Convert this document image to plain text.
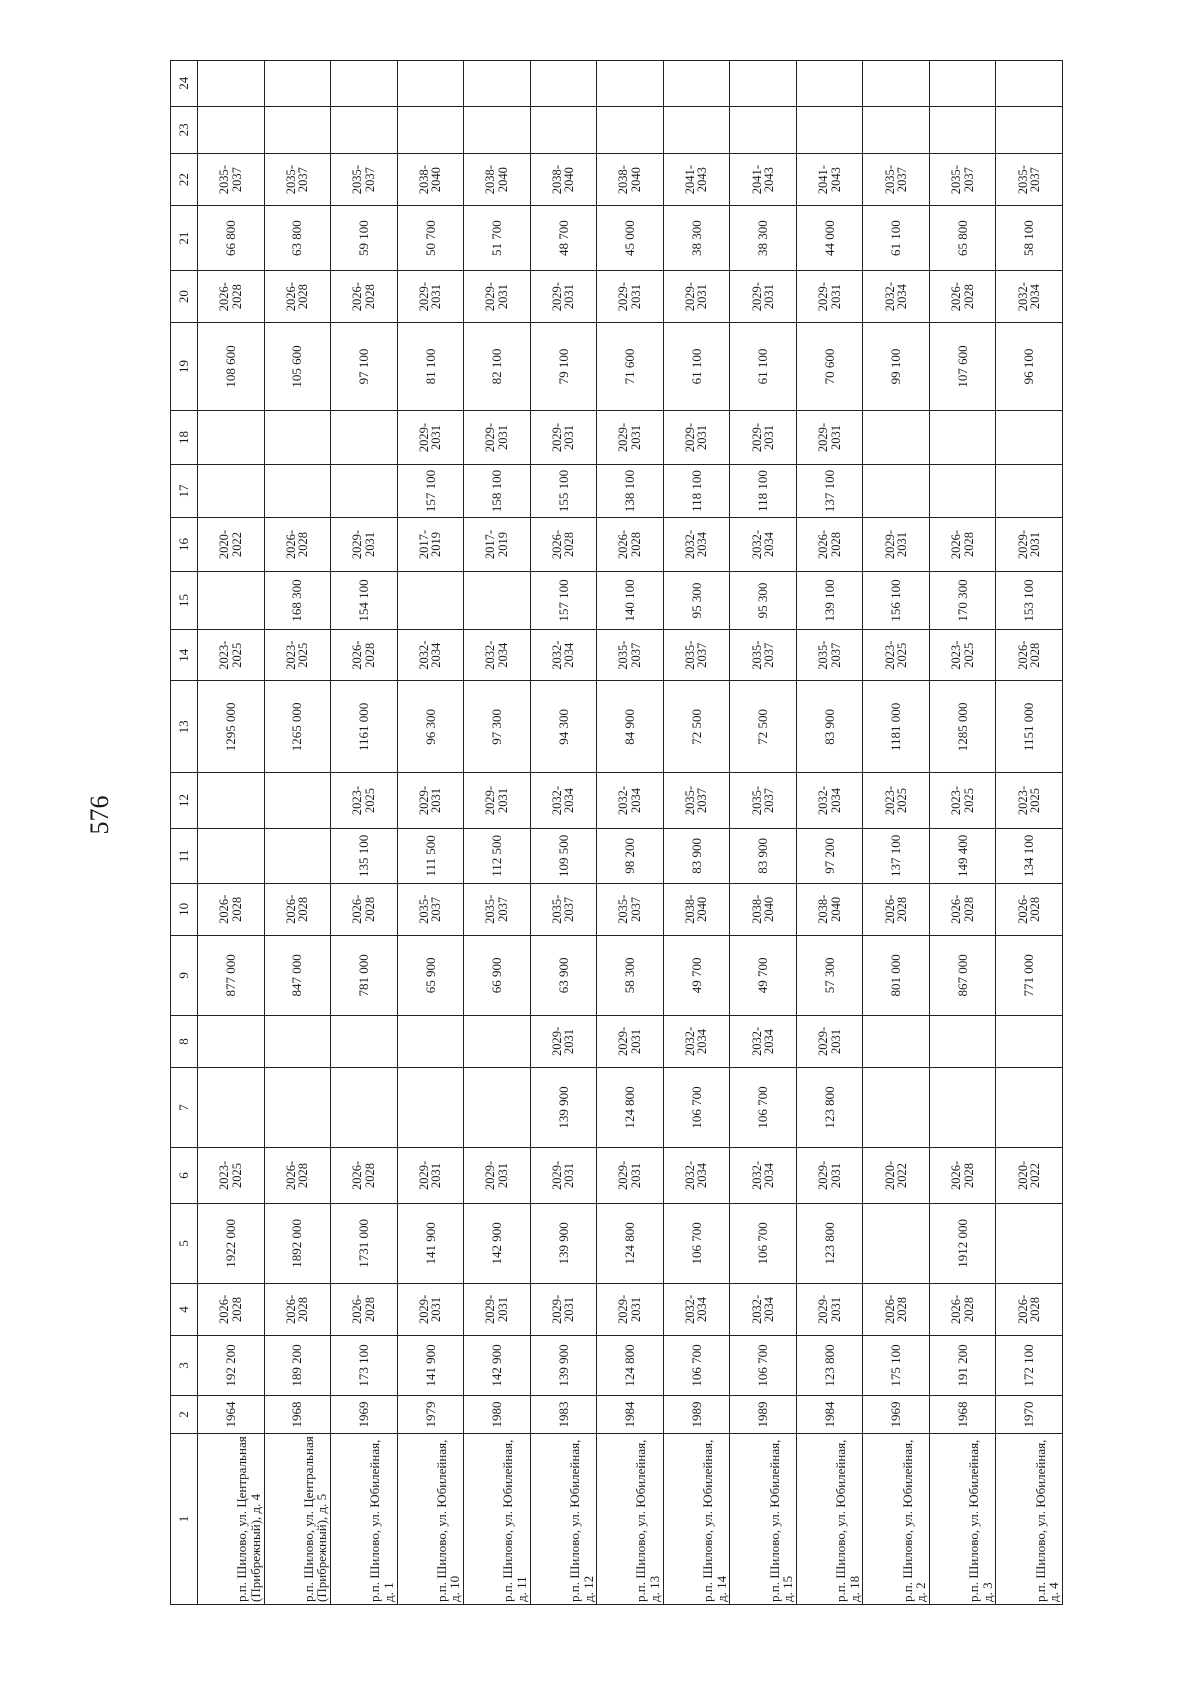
576
1	2	3	4	5	6	7	8	9	10	11	12	13	14	15	16	17	18	19	20	21	22	23	24
р.п. Шилово, ул. Центральная (Прибрежный), д. 4	1964	192 200	2026-
2028	1922 000	2023-
2025			877 000	2026-
2028			1295 000	2023-
2025		2020-
2022			108 600	2026-
2028	66 800	2035-
2037		
р.п. Шилово, ул. Центральная (Прибрежный), д. 5	1968	189 200	2026-
2028	1892 000	2026-
2028			847 000	2026-
2028			1265 000	2023-
2025	168 300	2026-
2028			105 600	2026-
2028	63 800	2035-
2037		
р.п. Шилово, ул. Юбилейная, д. 1	1969	173 100	2026-
2028	1731 000	2026-
2028			781 000	2026-
2028	135 100	2023-
2025	1161 000	2026-
2028	154 100	2029-
2031			97 100	2026-
2028	59 100	2035-
2037		
р.п. Шилово, ул. Юбилейная, д. 10	1979	141 900	2029-
2031	141 900	2029-
2031			65 900	2035-
2037	111 500	2029-
2031	96 300	2032-
2034		2017-
2019	157 100	2029-
2031	81 100	2029-
2031	50 700	2038-
2040		
р.п. Шилово, ул. Юбилейная, д. 11	1980	142 900	2029-
2031	142 900	2029-
2031			66 900	2035-
2037	112 500	2029-
2031	97 300	2032-
2034		2017-
2019	158 100	2029-
2031	82 100	2029-
2031	51 700	2038-
2040		
р.п. Шилово, ул. Юбилейная, д. 12	1983	139 900	2029-
2031	139 900	2029-
2031	139 900	2029-
2031	63 900	2035-
2037	109 500	2032-
2034	94 300	2032-
2034	157 100	2026-
2028	155 100	2029-
2031	79 100	2029-
2031	48 700	2038-
2040		
р.п. Шилово, ул. Юбилейная, д. 13	1984	124 800	2029-
2031	124 800	2029-
2031	124 800	2029-
2031	58 300	2035-
2037	98 200	2032-
2034	84 900	2035-
2037	140 100	2026-
2028	138 100	2029-
2031	71 600	2029-
2031	45 000	2038-
2040		
р.п. Шилово, ул. Юбилейная, д. 14	1989	106 700	2032-
2034	106 700	2032-
2034	106 700	2032-
2034	49 700	2038-
2040	83 900	2035-
2037	72 500	2035-
2037	95 300	2032-
2034	118 100	2029-
2031	61 100	2029-
2031	38 300	2041-
2043		
р.п. Шилово, ул. Юбилейная, д. 15	1989	106 700	2032-
2034	106 700	2032-
2034	106 700	2032-
2034	49 700	2038-
2040	83 900	2035-
2037	72 500	2035-
2037	95 300	2032-
2034	118 100	2029-
2031	61 100	2029-
2031	38 300	2041-
2043		
р.п. Шилово, ул. Юбилейная, д. 18	1984	123 800	2029-
2031	123 800	2029-
2031	123 800	2029-
2031	57 300	2038-
2040	97 200	2032-
2034	83 900	2035-
2037	139 100	2026-
2028	137 100	2029-
2031	70 600	2029-
2031	44 000	2041-
2043		
р.п. Шилово, ул. Юбилейная, д. 2	1969	175 100	2026-
2028		2020-
2022			801 000	2026-
2028	137 100	2023-
2025	1181 000	2023-
2025	156 100	2029-
2031			99 100	2032-
2034	61 100	2035-
2037		
р.п. Шилово, ул. Юбилейная, д. 3	1968	191 200	2026-
2028	1912 000	2026-
2028			867 000	2026-
2028	149 400	2023-
2025	1285 000	2023-
2025	170 300	2026-
2028			107 600	2026-
2028	65 800	2035-
2037		
р.п. Шилово, ул. Юбилейная, д. 4	1970	172 100	2026-
2028		2020-
2022			771 000	2026-
2028	134 100	2023-
2025	1151 000	2026-
2028	153 100	2029-
2031			96 100	2032-
2034	58 100	2035-
2037		
